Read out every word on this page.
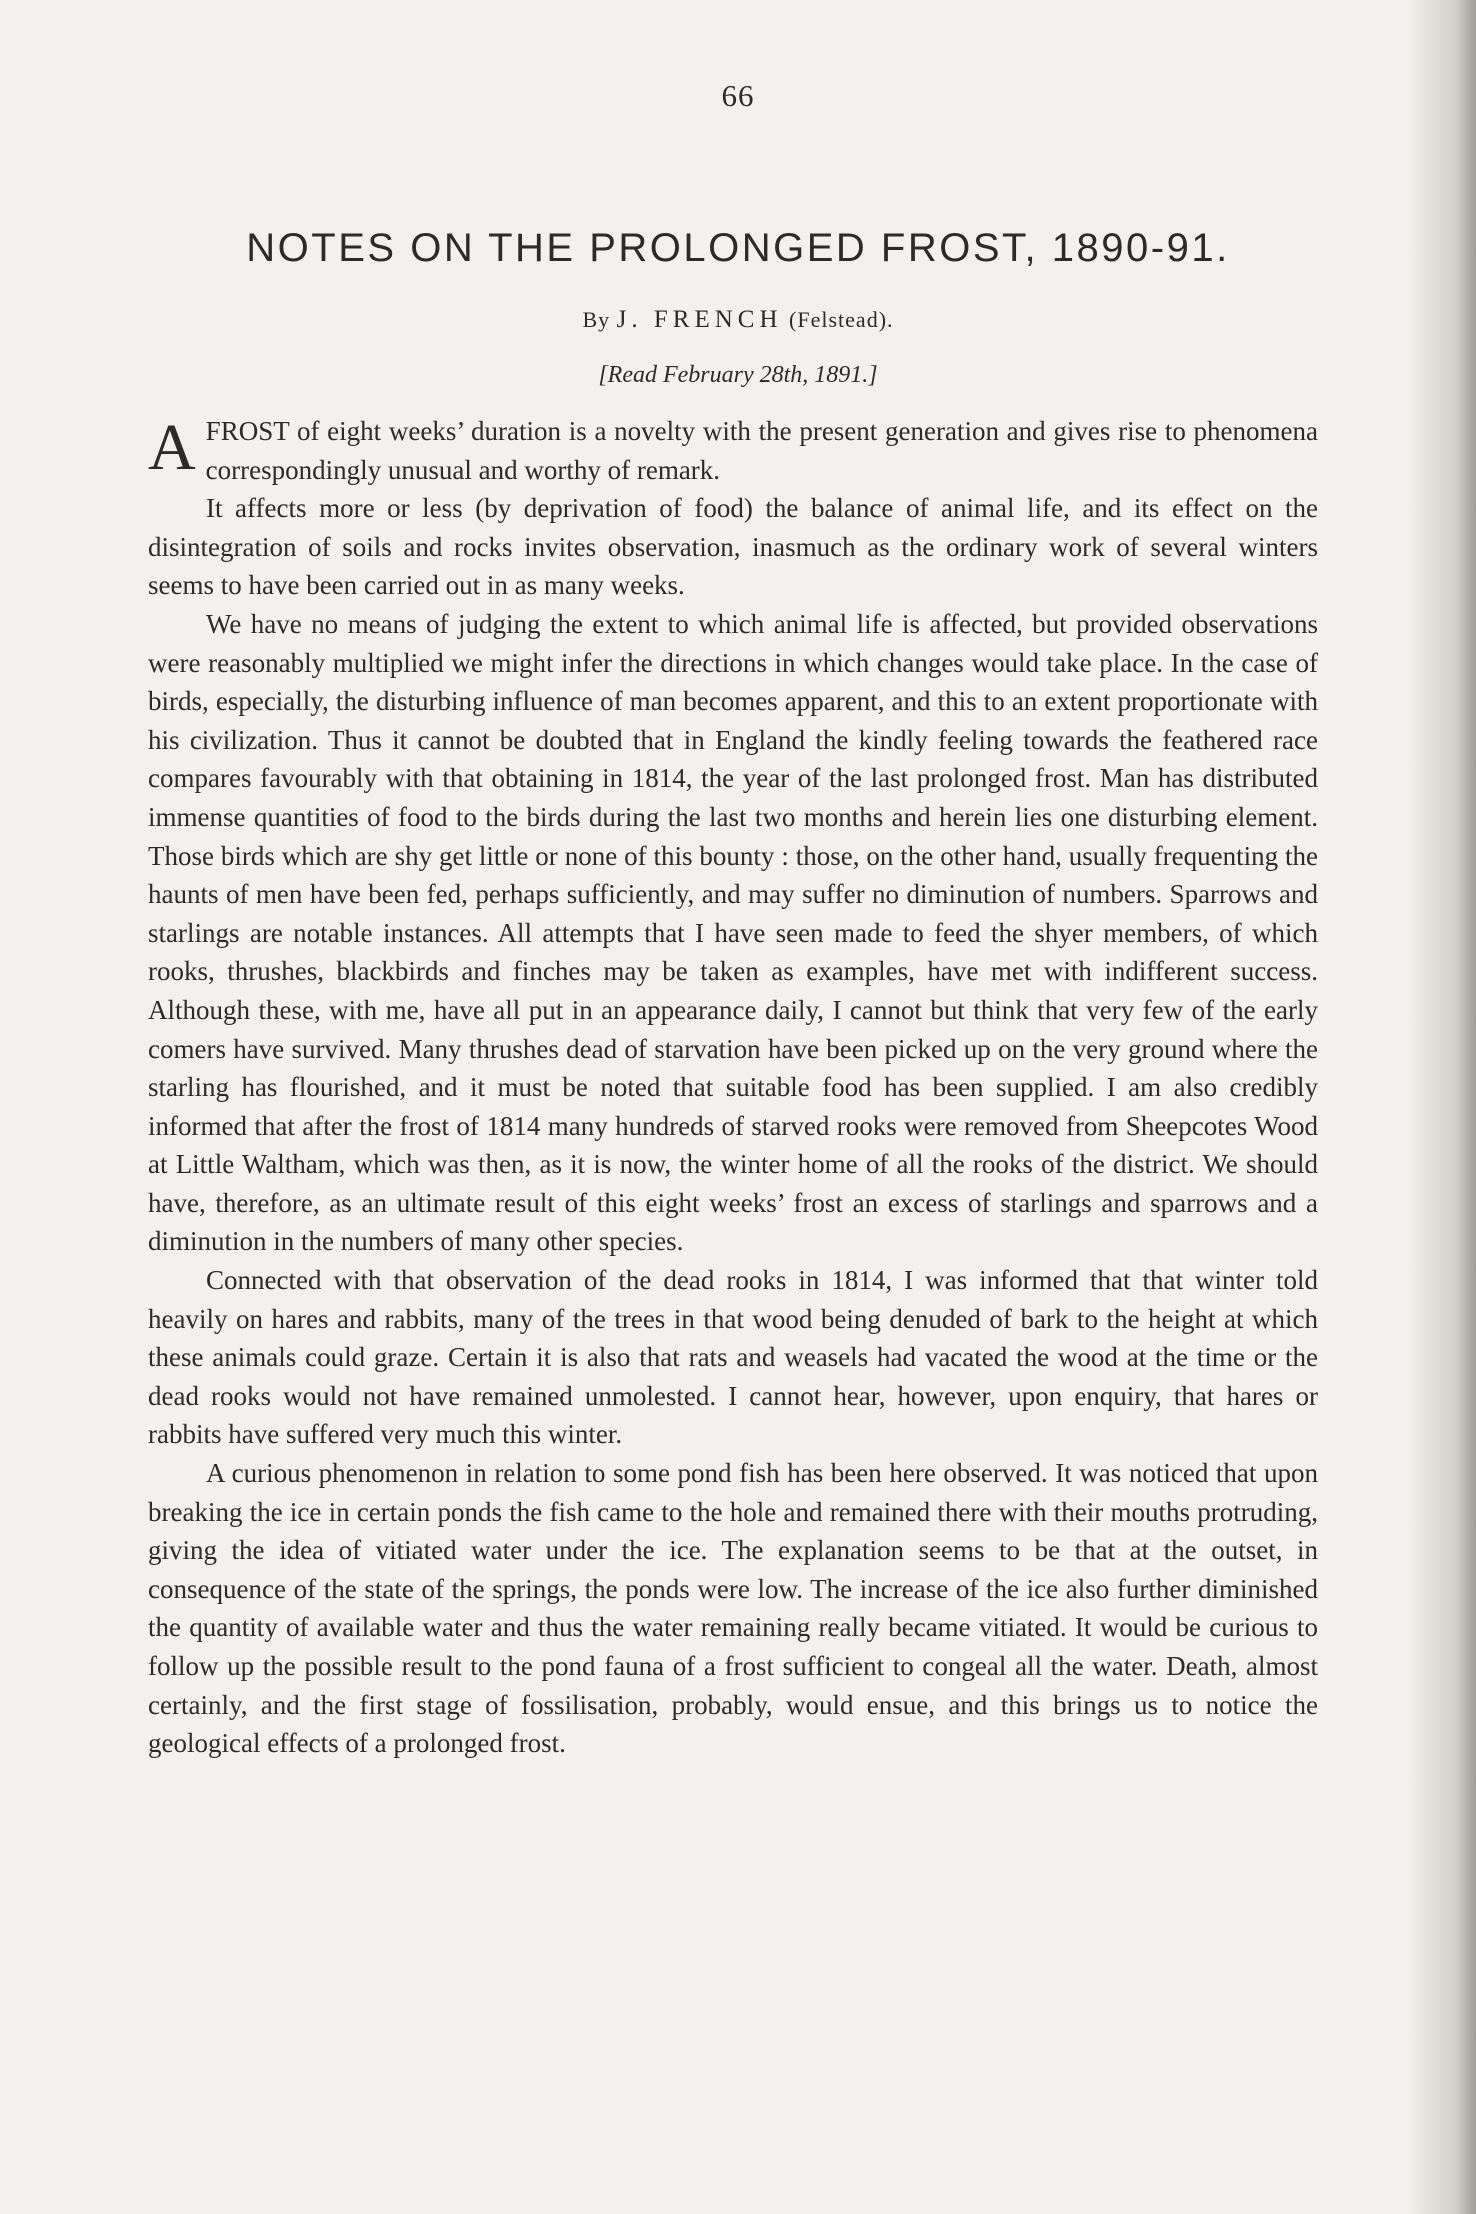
66
NOTES ON THE PROLONGED FROST, 1890-91.
By J. FRENCH (Felstead).
[Read February 28th, 1891.]

A FROST of eight weeks’ duration is a novelty with the present generation and gives rise to phenomena correspondingly unusual and worthy of remark.

It affects more or less (by deprivation of food) the balance of animal life, and its effect on the disintegration of soils and rocks invites observation, inasmuch as the ordinary work of several winters seems to have been carried out in as many weeks.

We have no means of judging the extent to which animal life is affected, but provided observations were reasonably multiplied we might infer the directions in which changes would take place. In the case of birds, especially, the disturbing influence of man becomes apparent, and this to an extent proportionate with his civilization. Thus it cannot be doubted that in England the kindly feeling towards the feathered race compares favourably with that obtaining in 1814, the year of the last prolonged frost. Man has distributed immense quantities of food to the birds during the last two months and herein lies one disturbing element. Those birds which are shy get little or none of this bounty : those, on the other hand, usually frequenting the haunts of men have been fed, perhaps sufficiently, and may suffer no diminution of numbers. Sparrows and starlings are notable instances. All attempts that I have seen made to feed the shyer members, of which rooks, thrushes, blackbirds and finches may be taken as examples, have met with indifferent success. Although these, with me, have all put in an appearance daily, I cannot but think that very few of the early comers have survived. Many thrushes dead of starvation have been picked up on the very ground where the starling has flourished, and it must be noted that suitable food has been supplied. I am also credibly informed that after the frost of 1814 many hundreds of starved rooks were removed from Sheepcotes Wood at Little Waltham, which was then, as it is now, the winter home of all the rooks of the district. We should have, therefore, as an ultimate result of this eight weeks’ frost an excess of starlings and sparrows and a diminution in the numbers of many other species.

Connected with that observation of the dead rooks in 1814, I was informed that that winter told heavily on hares and rabbits, many of the trees in that wood being denuded of bark to the height at which these animals could graze. Certain it is also that rats and weasels had vacated the wood at the time or the dead rooks would not have remained unmolested. I cannot hear, however, upon enquiry, that hares or rabbits have suffered very much this winter.

A curious phenomenon in relation to some pond fish has been here observed. It was noticed that upon breaking the ice in certain ponds the fish came to the hole and remained there with their mouths protruding, giving the idea of vitiated water under the ice. The explanation seems to be that at the outset, in consequence of the state of the springs, the ponds were low. The increase of the ice also further diminished the quantity of available water and thus the water remaining really became vitiated. It would be curious to follow up the possible result to the pond fauna of a frost sufficient to congeal all the water. Death, almost certainly, and the first stage of fossilisation, probably, would ensue, and this brings us to notice the geological effects of a prolonged frost.
